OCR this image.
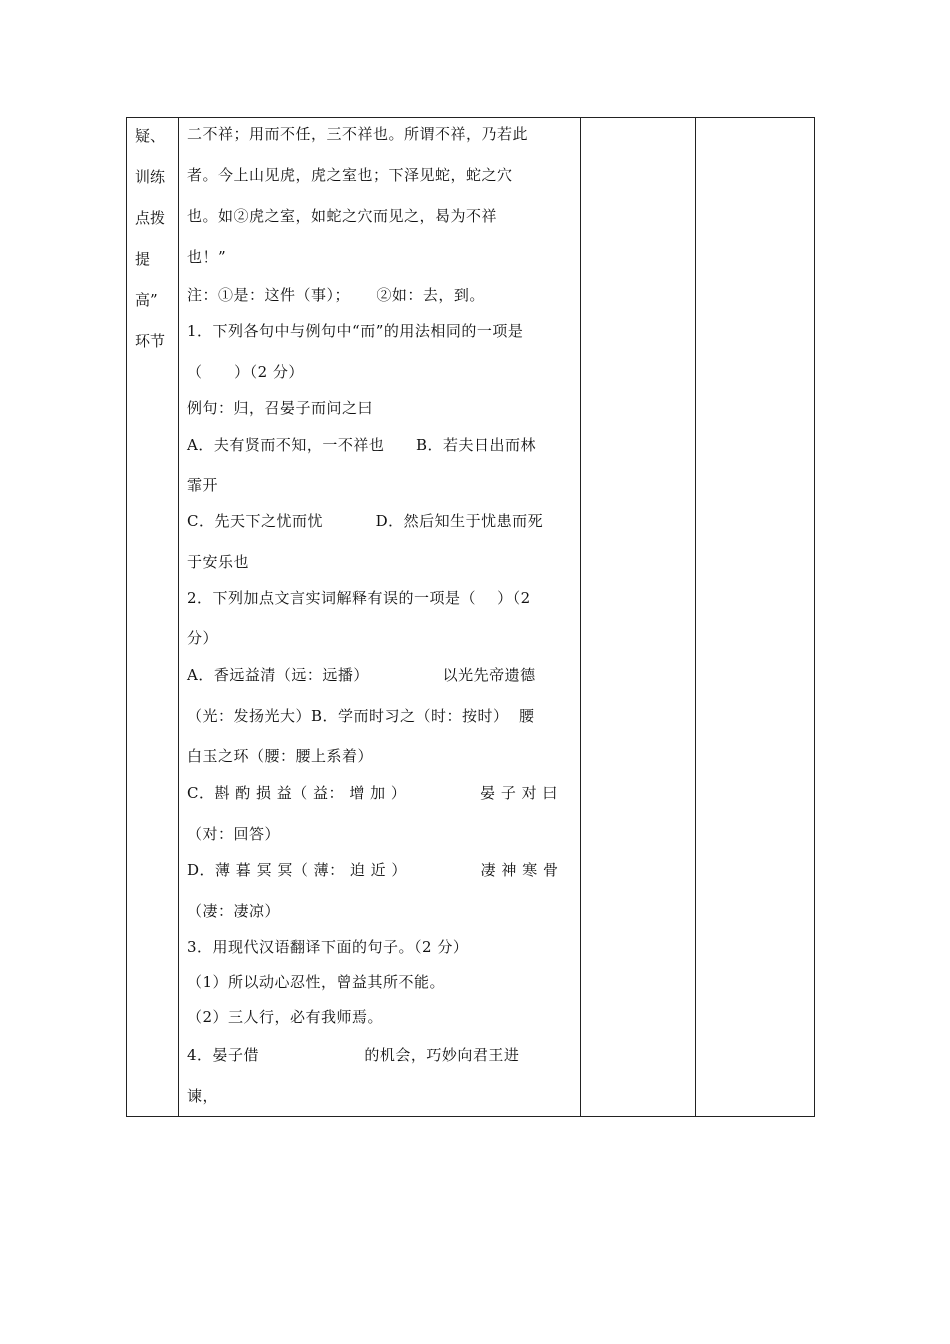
疑、
训练
点拨
提
高”
环节
二不祥；用而不任，三不祥也。所谓不祥，乃若此
者。今上山见虎，虎之室也；下泽见蛇，蛇之穴
也。如②虎之室，如蛇之穴而见之，曷为不祥
也！”
注：①是：这件（事）；     ②如：去，到。
1．下列各句中与例句中“而”的用法相同的一项是
（      ）（2 分）
例句：归，召晏子而问之曰
A．夫有贤而不知，一不祥也      B．若夫日出而林
霏开
C．先天下之忧而忧          D．然后知生于忧患而死
于安乐也
2．下列加点文言实词解释有误的一项是（    ）（2
分）
A．香远益清（远：远播）              以光先帝遗德
（光：发扬光大）B．学而时习之（时：按时）  腰
白玉之环（腰：腰上系着）
C．斟 酌 损 益（ 益： 增 加 ）              晏 子 对 曰
（对：回答）
D．薄 暮 冥 冥（ 薄： 迫 近 ）              凄 神 寒 骨
（凄：凄凉）
3．用现代汉语翻译下面的句子。（2 分）
（1）所以动心忍性，曾益其所不能。
（2）三人行，必有我师焉。
4．晏子借                    的机会，巧妙向君王进
谏，
